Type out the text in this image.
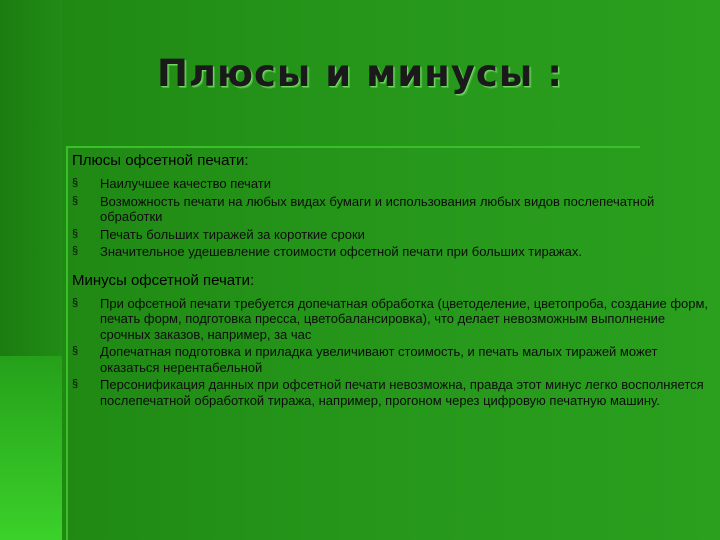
Плюсы и минусы :
Плюсы офсетной печати:
§ Наилучшее качество печати
§ Возможность печати на любых видах бумаги и использования любых видов послепечатной обработки
§ Печать больших тиражей за короткие сроки
§ Значительное удешевление стоимости офсетной печати при больших тиражах.
Минусы офсетной печати:
§ При офсетной печати требуется допечатная обработка (цветоделение, цветопроба, создание форм, печать форм, подготовка пресса, цветобалансировка), что делает невозможным выполнение срочных заказов, например, за час
§ Допечатная подготовка и приладка увеличивают стоимость, и печать малых тиражей может оказаться нерентабельной
§ Персонификация данных при офсетной печати невозможна, правда этот минус легко восполняется послепечатной обработкой тиража, например, прогоном через цифровую печатную машину.
